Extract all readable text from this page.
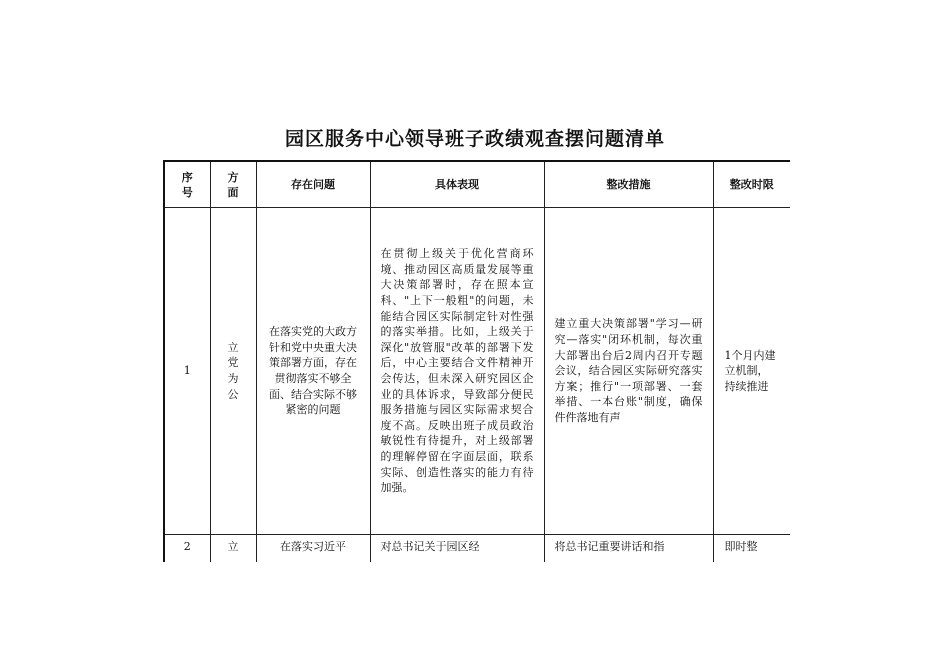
园区服务中心领导班子政绩观查摆问题清单
序号	方面	存在问题	具体表现	整改措施	整改时限

1	立党为公	在落实党的大政方针和党中央重大决策部署方面，存在贯彻落实不够全面、结合实际不够紧密的问题	在贯彻上级关于优化营商环境、推动园区高质量发展等重大决策部署时，存在照本宣科、"上下一般粗"的问题，未能结合园区实际制定针对性强的落实举措。比如，上级关于深化"放管服"改革的部署下发后，中心主要结合文件精神开会传达，但未深入研究园区企业的具体诉求，导致部分便民服务措施与园区实际需求契合度不高。反映出班子成员政治敏锐性有待提升，对上级部署的理解停留在字面层面，联系实际、创造性落实的能力有待加强。	建立重大决策部署"学习—研究—落实"闭环机制，每次重大部署出台后2周内召开专题会议，结合园区实际研究落实方案；推行"一项部署、一套举措、一本台账"制度，确保件件落地有声	1个月内建立机制，持续推进

2	立	在落实习近平	对总书记关于园区经	将总书记重要讲话和指	即时整
